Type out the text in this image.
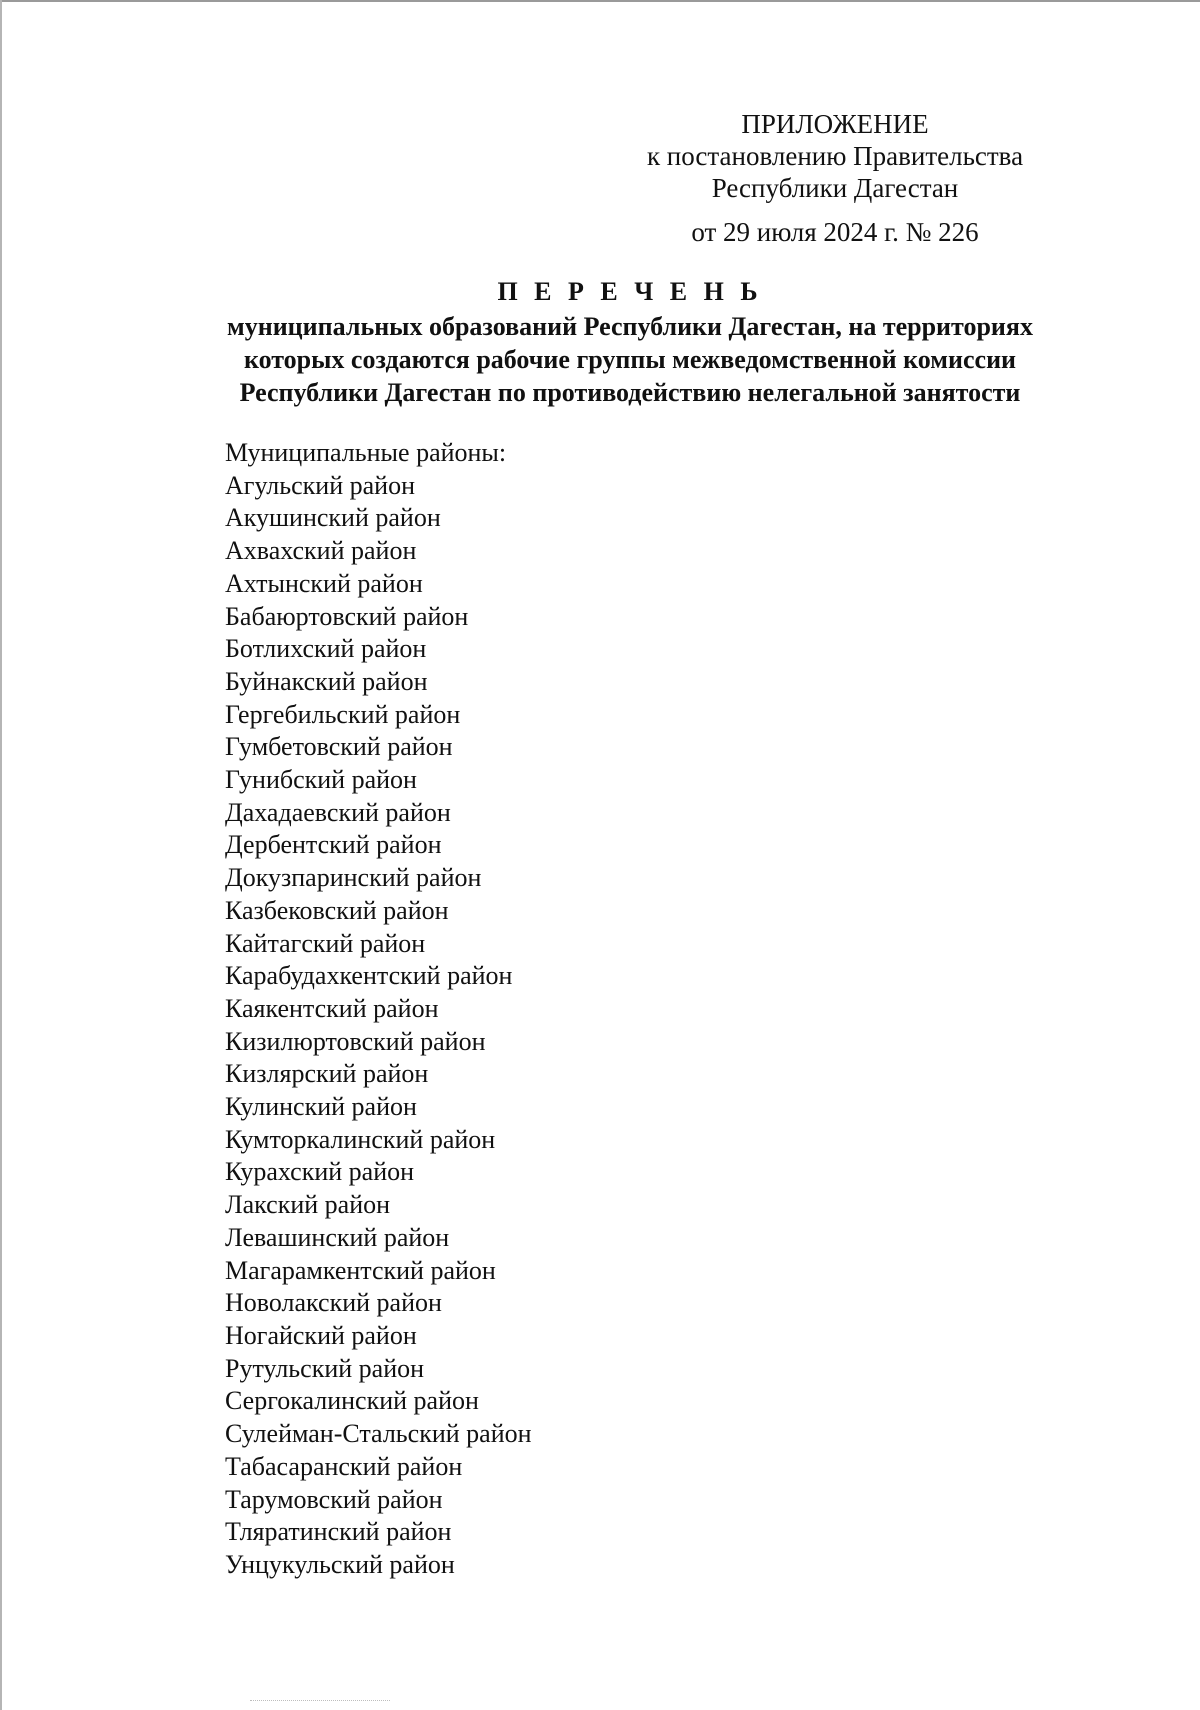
ПРИЛОЖЕНИЕ
к постановлению Правительства
Республики Дагестан
от 29 июля 2024 г. № 226
П Е Р Е Ч Е Н Ь
муниципальных образований Республики Дагестан, на территориях
которых создаются рабочие группы межведомственной комиссии
Республики Дагестан по противодействию нелегальной занятости
Муниципальные районы:
Агульский район
Акушинский район
Ахвахский район
Ахтынский район
Бабаюртовский район
Ботлихский район
Буйнакский район
Гергебильский район
Гумбетовский район
Гунибский район
Дахадаевский район
Дербентский район
Докузпаринский район
Казбековский район
Кайтагский район
Карабудахкентский район
Каякентский район
Кизилюртовский район
Кизлярский район
Кулинский район
Кумторкалинский район
Курахский район
Лакский район
Левашинский район
Магарамкентский район
Новолакский район
Ногайский район
Рутульский район
Сергокалинский район
Сулейман-Стальский район
Табасаранский район
Тарумовский район
Тляратинский район
Унцукульский район
